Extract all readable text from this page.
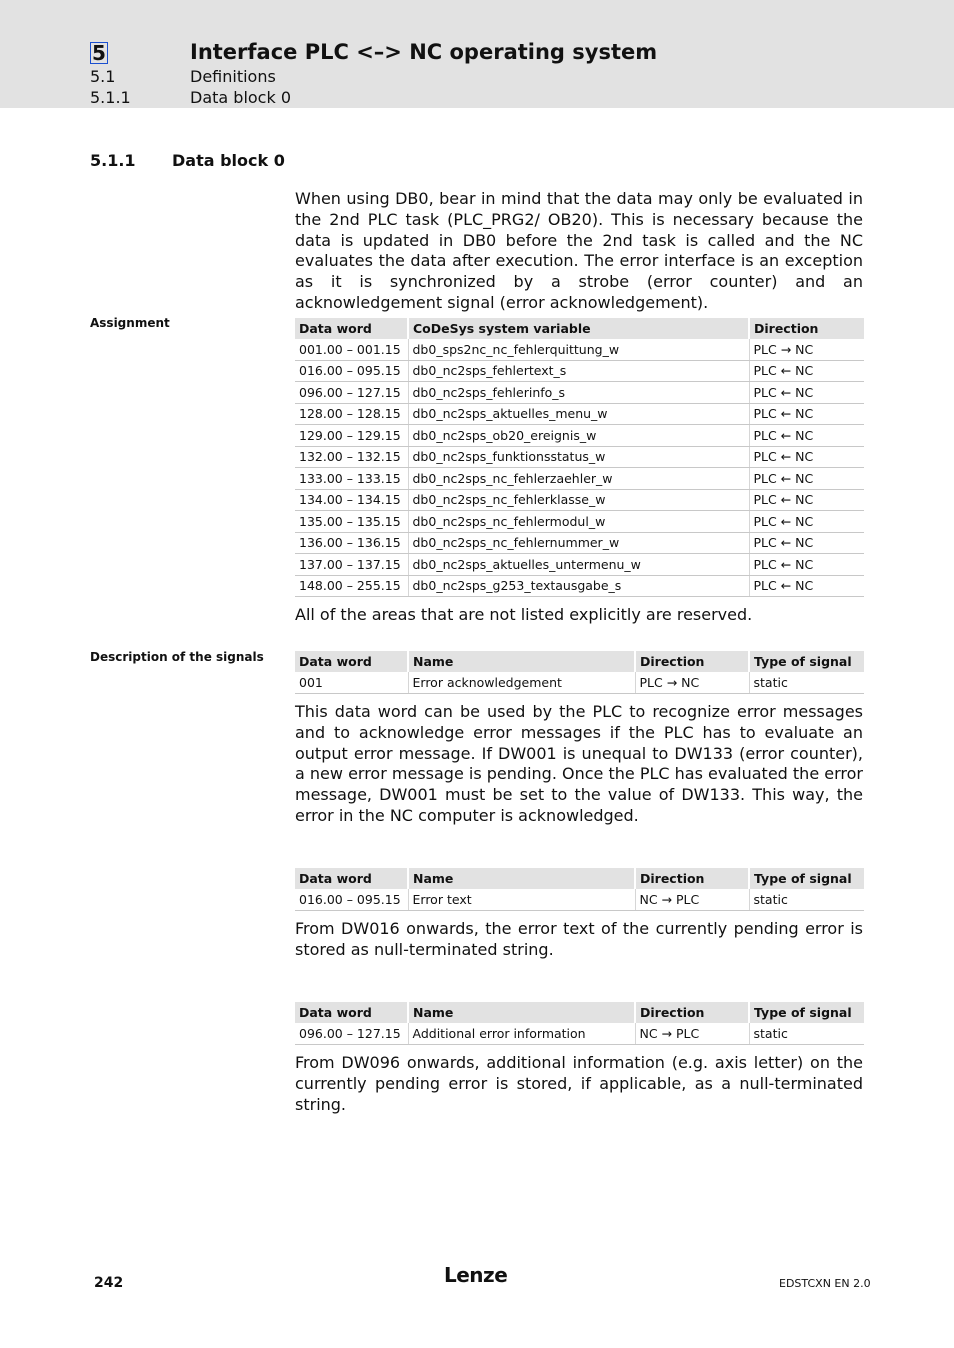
5	Interface PLC <–> NC operating system
5.1	Definitions
5.1.1	Data block 0
5.1.1 Data block 0
When using DB0, bear in mind that the data may only be evaluated in the 2nd PLC task (PLC_PRG2/ OB20). This is necessary because the data is updated in DB0 before the 2nd task is called and the NC evaluates the data after execution. The error interface is an exception as it is synchronized by a strobe (error counter) and an acknowledgement signal (error acknowledgement).
Assignment	Data word	CoDeSys system variable	Direction
001.00 – 001.15	db0_sps2nc_nc_fehlerquittung_w	PLC → NC
016.00 – 095.15	db0_nc2sps_fehlertext_s	PLC ← NC
096.00 – 127.15	db0_nc2sps_fehlerinfo_s	PLC ← NC
128.00 – 128.15	db0_nc2sps_aktuelles_menu_w	PLC ← NC
129.00 – 129.15	db0_nc2sps_ob20_ereignis_w	PLC ← NC
132.00 – 132.15	db0_nc2sps_funktionsstatus_w	PLC ← NC
133.00 – 133.15	db0_nc2sps_nc_fehlerzaehler_w	PLC ← NC
134.00 – 134.15	db0_nc2sps_nc_fehlerklasse_w	PLC ← NC
135.00 – 135.15	db0_nc2sps_nc_fehlermodul_w	PLC ← NC
136.00 – 136.15	db0_nc2sps_nc_fehlernummer_w	PLC ← NC
137.00 – 137.15	db0_nc2sps_aktuelles_untermenu_w	PLC ← NC
148.00 – 255.15	db0_nc2sps_g253_textausgabe_s	PLC ← NC
All of the areas that are not listed explicitly are reserved.
Description of the signals	Data word	Name	Direction	Type of signal
001	Error acknowledgement	PLC → NC	static
This data word can be used by the PLC to recognize error messages and to acknowledge error messages if the PLC has to evaluate an output error message. If DW001 is unequal to DW133 (error counter), a new error message is pending. Once the PLC has evaluated the error message, DW001 must be set to the value of DW133. This way, the error in the NC computer is acknowledged.
Data word	Name	Direction	Type of signal
016.00 – 095.15	Error text	NC → PLC	static
From DW016 onwards, the error text of the currently pending error is stored as null-terminated string.
Data word	Name	Direction	Type of signal
096.00 – 127.15	Additional error information	NC → PLC	static
From DW096 onwards, additional information (e.g. axis letter) on the currently pending error is stored, if applicable, as a null-terminated string.
242	Lenze	EDSTCXN EN 2.0
